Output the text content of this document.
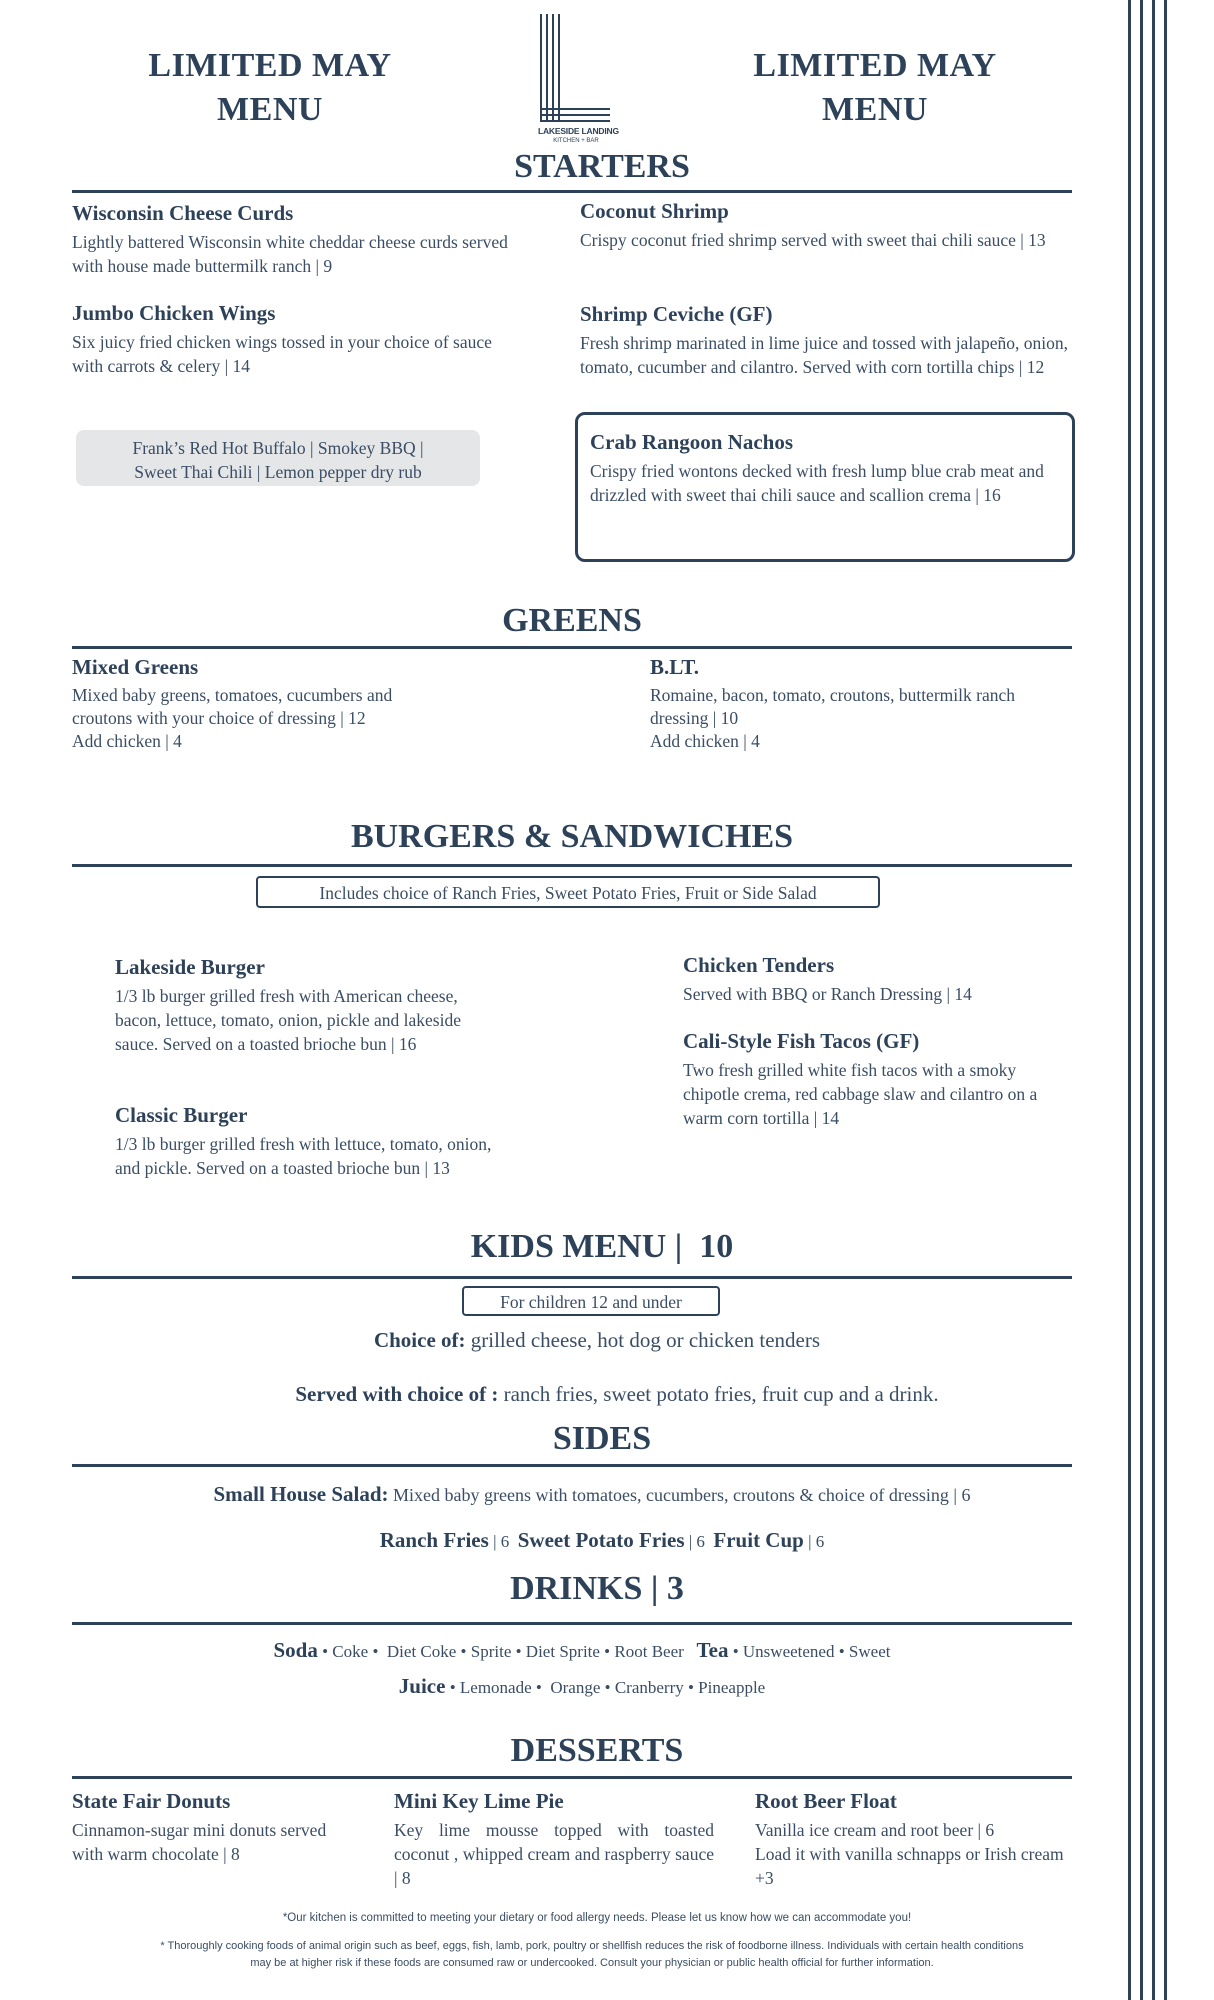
LIMITED MAY MENU
LIMITED MAY MENU
LAKESIDE LANDING
KITCHEN + BAR
STARTERS

Wisconsin Cheese Curds

Lightly battered Wisconsin white cheddar cheese curds served with house made buttermilk ranch | 9

Jumbo Chicken Wings

Six juicy fried chicken wings tossed in your choice of sauce with carrots & celery | 14

Frank’s Red Hot Buffalo | Smokey BBQ |
Sweet Thai Chili | Lemon pepper dry rub

Coconut Shrimp

Crispy coconut fried shrimp served with sweet thai chili sauce | 13

Shrimp Ceviche (GF)

Fresh shrimp marinated in lime juice and tossed with jalapeño, onion, tomato, cucumber and cilantro. Served with corn tortilla chips | 12

Crab Rangoon Nachos

Crispy fried wontons decked with fresh lump blue crab meat and drizzled with sweet thai chili sauce and scallion crema | 16

GREENS

Mixed Greens

Mixed baby greens, tomatoes, cucumbers and croutons with your choice of dressing | 12

Add chicken | 4

B.LT.

Romaine, bacon, tomato, croutons, buttermilk ranch dressing | 10

Add chicken | 4

BURGERS & SANDWICHES
Includes choice of Ranch Fries, Sweet Potato Fries, Fruit or Side Salad

Lakeside Burger

1/3 lb burger grilled fresh with American cheese, bacon, lettuce, tomato, onion, pickle and lakeside sauce. Served on a toasted brioche bun | 16

Classic Burger

1/3 lb burger grilled fresh with lettuce, tomato, onion, and pickle. Served on a toasted brioche bun | 13

Chicken Tenders

Served with BBQ or Ranch Dressing | 14

Cali-Style Fish Tacos (GF)

Two fresh grilled white fish tacos with a smoky chipotle crema, red cabbage slaw and cilantro on a warm corn tortilla | 14

KIDS MENU |  10
For children 12 and under
Choice of: grilled cheese, hot dog or chicken tenders
Served with choice of : ranch fries, sweet potato fries, fruit cup and a drink.
SIDES
Small House Salad: Mixed baby greens with tomatoes, cucumbers, croutons & choice of dressing | 6
Ranch Fries | 6  Sweet Potato Fries | 6  Fruit Cup | 6
DRINKS | 3
Soda • Coke •  Diet Coke • Sprite • Diet Sprite • Root Beer   Tea • Unsweetened • Sweet
Juice • Lemonade •  Orange • Cranberry • Pineapple
DESSERTS

State Fair Donuts

Cinnamon-sugar mini donuts served with warm chocolate | 8

Mini Key Lime Pie

Key lime mousse topped with toasted coconut , whipped cream and raspberry sauce | 8

Root Beer Float

Vanilla ice cream and root beer | 6

Load it with vanilla schnapps or Irish cream +3

*Our kitchen is committed to meeting your dietary or food allergy needs. Please let us know how we can accommodate you!
* Thoroughly cooking foods of animal origin such as beef, eggs, fish, lamb, pork, poultry or shellfish reduces the risk of foodborne illness. Individuals with certain health conditions
may be at higher risk if these foods are consumed raw or undercooked. Consult your physician or public health official for further information.
